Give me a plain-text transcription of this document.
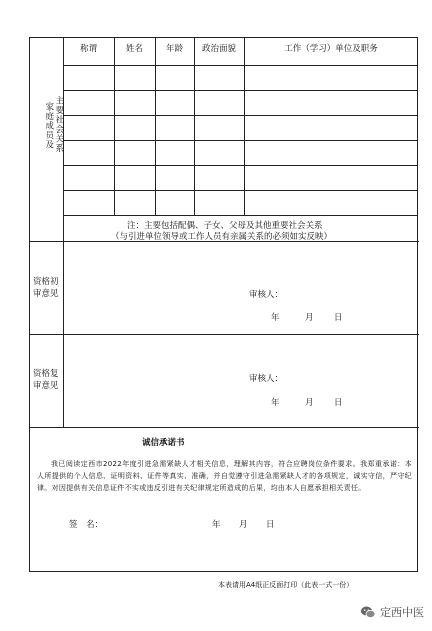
家庭成员及 主要社会关系
称谓	姓名	年龄	政治面貌	工作（学习）单位及职务
注：主要包括配偶、子女、父母及其他重要社会关系
（与引进单位领导或工作人员有亲属关系的必须如实反映）
资格初
审意见	审核人：
年	月 日
资格复
审意见
审核人：
年	月 日
诚信承诺书
我已阅读定西市2022年度引进急需紧缺人才相关信息，理解其内容，符合应聘岗位条件要求。我郑重承诺：本人所提供的个人信息、证明资料、证件等真实、准确，并自觉遵守引进急需紧缺人才的各项规定，诚实守信，严守纪律。对因提供有关信息证件不实或违反引进有关纪律规定所造成的后果，均由本人自愿承担相关责任。
签　名：	年 月 日
本表请用A4纸正反面打印（此表一式一份）
定西中医
